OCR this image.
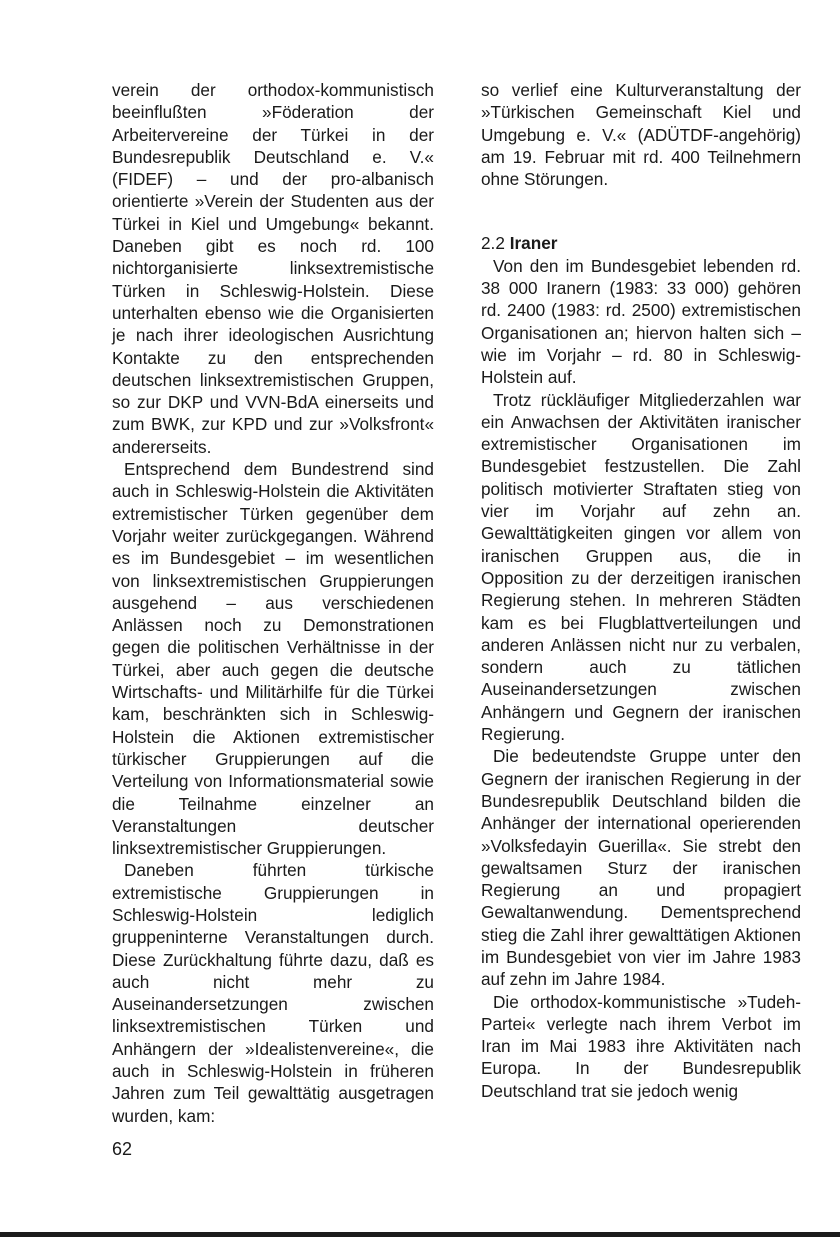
verein der orthodox-kommunistisch beeinflußten »Föderation der Arbeitervereine der Türkei in der Bundesrepublik Deutschland e. V.« (FIDEF) – und der pro-albanisch orientierte »Verein der Studenten aus der Türkei in Kiel und Umgebung« bekannt. Daneben gibt es noch rd. 100 nichtorganisierte linksextremistische Türken in Schleswig-Holstein. Diese unterhalten ebenso wie die Organisierten je nach ihrer ideologischen Ausrichtung Kontakte zu den entsprechenden deutschen linksextremistischen Gruppen, so zur DKP und VVN-BdA einerseits und zum BWK, zur KPD und zur »Volksfront« andererseits.

Entsprechend dem Bundestrend sind auch in Schleswig-Holstein die Aktivitäten extremistischer Türken gegenüber dem Vorjahr weiter zurückgegangen. Während es im Bundesgebiet – im wesentlichen von linksextremistischen Gruppierungen ausgehend – aus verschiedenen Anlässen noch zu Demonstrationen gegen die politischen Verhältnisse in der Türkei, aber auch gegen die deutsche Wirtschafts- und Militärhilfe für die Türkei kam, beschränkten sich in Schleswig-Holstein die Aktionen extremistischer türkischer Gruppierungen auf die Verteilung von Informationsmaterial sowie die Teilnahme einzelner an Veranstaltungen deutscher linksextremistischer Gruppierungen.

Daneben führten türkische extremistische Gruppierungen in Schleswig-Holstein lediglich gruppeninterne Veranstaltungen durch. Diese Zurückhaltung führte dazu, daß es auch nicht mehr zu Auseinandersetzungen zwischen linksextremistischen Türken und Anhängern der »Idealistenvereine«, die auch in Schleswig-Holstein in früheren Jahren zum Teil gewalttätig ausgetragen wurden, kam:

so verlief eine Kulturveranstaltung der »Türkischen Gemeinschaft Kiel und Umgebung e. V.« (ADÜTDF-angehörig) am 19. Februar mit rd. 400 Teilnehmern ohne Störungen.

2.2 Iraner

Von den im Bundesgebiet lebenden rd. 38 000 Iranern (1983: 33 000) gehören rd. 2400 (1983: rd. 2500) extremistischen Organisationen an; hiervon halten sich – wie im Vorjahr – rd. 80 in Schleswig-Holstein auf.

Trotz rückläufiger Mitgliederzahlen war ein Anwachsen der Aktivitäten iranischer extremistischer Organisationen im Bundesgebiet festzustellen. Die Zahl politisch motivierter Straftaten stieg von vier im Vorjahr auf zehn an. Gewalttätigkeiten gingen vor allem von iranischen Gruppen aus, die in Opposition zu der derzeitigen iranischen Regierung stehen. In mehreren Städten kam es bei Flugblattverteilungen und anderen Anlässen nicht nur zu verbalen, sondern auch zu tätlichen Auseinandersetzungen zwischen Anhängern und Gegnern der iranischen Regierung.

Die bedeutendste Gruppe unter den Gegnern der iranischen Regierung in der Bundesrepublik Deutschland bilden die Anhänger der international operierenden »Volksfedayin Guerilla«. Sie strebt den gewaltsamen Sturz der iranischen Regierung an und propagiert Gewaltanwendung. Dementsprechend stieg die Zahl ihrer gewalttätigen Aktionen im Bundesgebiet von vier im Jahre 1983 auf zehn im Jahre 1984.

Die orthodox-kommunistische »Tudeh-Partei« verlegte nach ihrem Verbot im Iran im Mai 1983 ihre Aktivitäten nach Europa. In der Bundesrepublik Deutschland trat sie jedoch wenig

62
